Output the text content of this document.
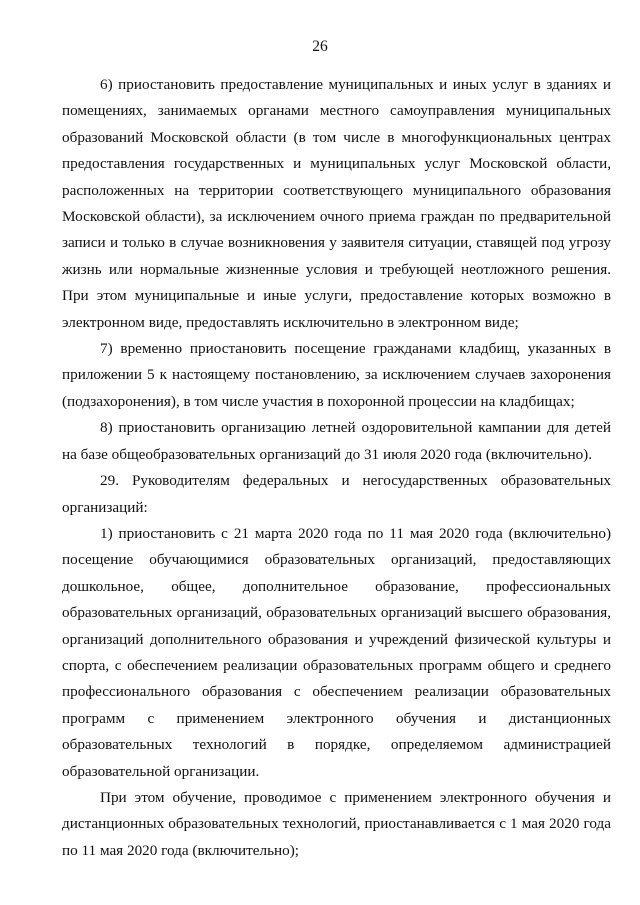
26

6) приостановить предоставление муниципальных и иных услуг в зданиях и помещениях, занимаемых органами местного самоуправления муниципальных образований Московской области (в том числе в многофункциональных центрах предоставления государственных и муниципальных услуг Московской области, расположенных на территории соответствующего муниципального образования Московской области), за исключением очного приема граждан по предварительной записи и только в случае возникновения у заявителя ситуации, ставящей под угрозу жизнь или нормальные жизненные условия и требующей неотложного решения. При этом муниципальные и иные услуги, предоставление которых возможно в электронном виде, предоставлять исключительно в электронном виде;

7) временно приостановить посещение гражданами кладбищ, указанных в приложении 5 к настоящему постановлению, за исключением случаев захоронения (подзахоронения), в том числе участия в похоронной процессии на кладбищах;

8) приостановить организацию летней оздоровительной кампании для детей на базе общеобразовательных организаций до 31 июля 2020 года (включительно).

29. Руководителям федеральных и негосударственных образовательных организаций:

1) приостановить с 21 марта 2020 года по 11 мая 2020 года (включительно) посещение обучающимися образовательных организаций, предоставляющих дошкольное, общее, дополнительное образование, профессиональных образовательных организаций, образовательных организаций высшего образования, организаций дополнительного образования и учреждений физической культуры и спорта, с обеспечением реализации образовательных программ общего и среднего профессионального образования с обеспечением реализации образовательных программ с применением электронного обучения и дистанционных образовательных технологий в порядке, определяемом администрацией образовательной организации.

При этом обучение, проводимое с применением электронного обучения и дистанционных образовательных технологий, приостанавливается с 1 мая 2020 года по 11 мая 2020 года (включительно);
